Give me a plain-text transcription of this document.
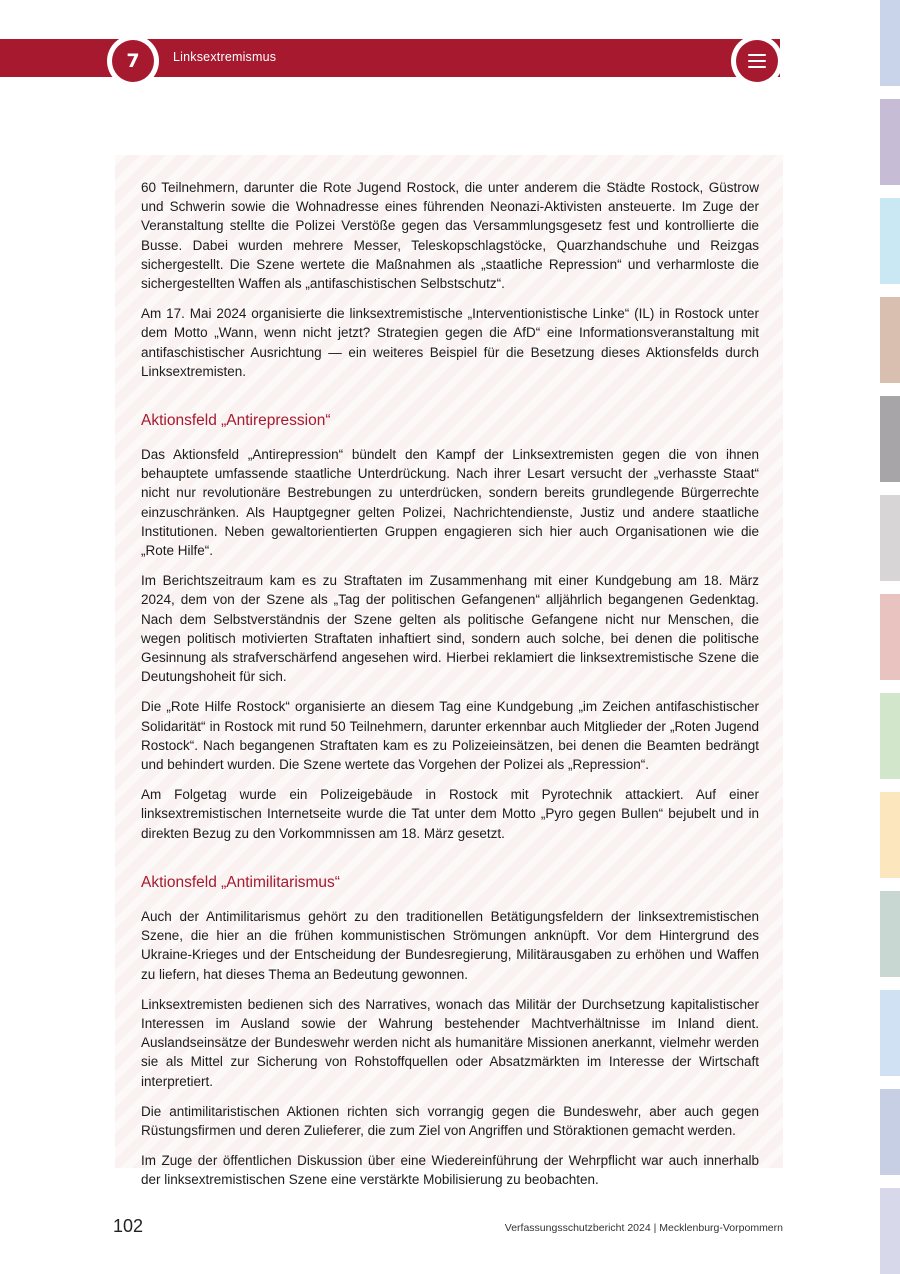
7	Linksextremismus

60 Teilnehmern, darunter die Rote Jugend Rostock, die unter anderem die Städte Rostock, Güstrow und Schwerin sowie die Wohnadresse eines führenden Neonazi-Aktivisten ansteuerte. Im Zuge der Veranstaltung stellte die Polizei Verstöße gegen das Versammlungsgesetz fest und kontrollierte die Busse. Dabei wurden mehrere Messer, Teleskopschlagstöcke, Quarzhandschuhe und Reizgas sichergestellt. Die Szene wertete die Maßnahmen als „staatliche Repression“ und verharmloste die sichergestellten Waffen als „antifaschistischen Selbstschutz“.

Am 17. Mai 2024 organisierte die linksextremistische „Interventionistische Linke“ (IL) in Rostock unter dem Motto „Wann, wenn nicht jetzt? Strategien gegen die AfD“ eine Informationsveranstaltung mit antifaschistischer Ausrichtung — ein weiteres Beispiel für die Besetzung dieses Aktionsfelds durch Linksextremisten.

Aktionsfeld „Antirepression“

Das Aktionsfeld „Antirepression“ bündelt den Kampf der Linksextremisten gegen die von ihnen behauptete umfassende staatliche Unterdrückung. Nach ihrer Lesart versucht der „verhasste Staat“ nicht nur revolutionäre Bestrebungen zu unterdrücken, sondern bereits grundlegende Bürgerrechte einzuschränken. Als Hauptgegner gelten Polizei, Nachrichtendienste, Justiz und andere staatliche Institutionen. Neben gewaltorientierten Gruppen engagieren sich hier auch Organisationen wie die „Rote Hilfe“.

Im Berichtszeitraum kam es zu Straftaten im Zusammenhang mit einer Kundgebung am 18. März 2024, dem von der Szene als „Tag der politischen Gefangenen“ alljährlich begangenen Gedenktag. Nach dem Selbstverständnis der Szene gelten als politische Gefangene nicht nur Menschen, die wegen politisch motivierten Straftaten inhaftiert sind, sondern auch solche, bei denen die politische Gesinnung als strafverschärfend angesehen wird. Hierbei reklamiert die linksextremistische Szene die Deutungshoheit für sich.

Die „Rote Hilfe Rostock“ organisierte an diesem Tag eine Kundgebung „im Zeichen antifaschistischer Solidarität“ in Rostock mit rund 50 Teilnehmern, darunter erkennbar auch Mitglieder der „Roten Jugend Rostock“. Nach begangenen Straftaten kam es zu Polizeieinsätzen, bei denen die Beamten bedrängt und behindert wurden. Die Szene wertete das Vorgehen der Polizei als „Repression“.

Am Folgetag wurde ein Polizeigebäude in Rostock mit Pyrotechnik attackiert. Auf einer linksextremistischen Internetseite wurde die Tat unter dem Motto „Pyro gegen Bullen“ bejubelt und in direkten Bezug zu den Vorkommnissen am 18. März gesetzt.

Aktionsfeld „Antimilitarismus“

Auch der Antimilitarismus gehört zu den traditionellen Betätigungsfeldern der linksextremistischen Szene, die hier an die frühen kommunistischen Strömungen anknüpft. Vor dem Hintergrund des Ukraine-Krieges und der Entscheidung der Bundesregierung, Militärausgaben zu erhöhen und Waffen zu liefern, hat dieses Thema an Bedeutung gewonnen.

Linksextremisten bedienen sich des Narratives, wonach das Militär der Durchsetzung kapitalistischer Interessen im Ausland sowie der Wahrung bestehender Machtverhältnisse im Inland dient. Auslandseinsätze der Bundeswehr werden nicht als humanitäre Missionen anerkannt, vielmehr werden sie als Mittel zur Sicherung von Rohstoffquellen oder Absatzmärkten im Interesse der Wirtschaft interpretiert.

Die antimilitaristischen Aktionen richten sich vorrangig gegen die Bundeswehr, aber auch gegen Rüstungsfirmen und deren Zulieferer, die zum Ziel von Angriffen und Störaktionen gemacht werden.

Im Zuge der öffentlichen Diskussion über eine Wiedereinführung der Wehrpflicht war auch innerhalb der linksextremistischen Szene eine verstärkte Mobilisierung zu beobachten.

102	Verfassungsschutzbericht 2024 | Mecklenburg-Vorpommern
